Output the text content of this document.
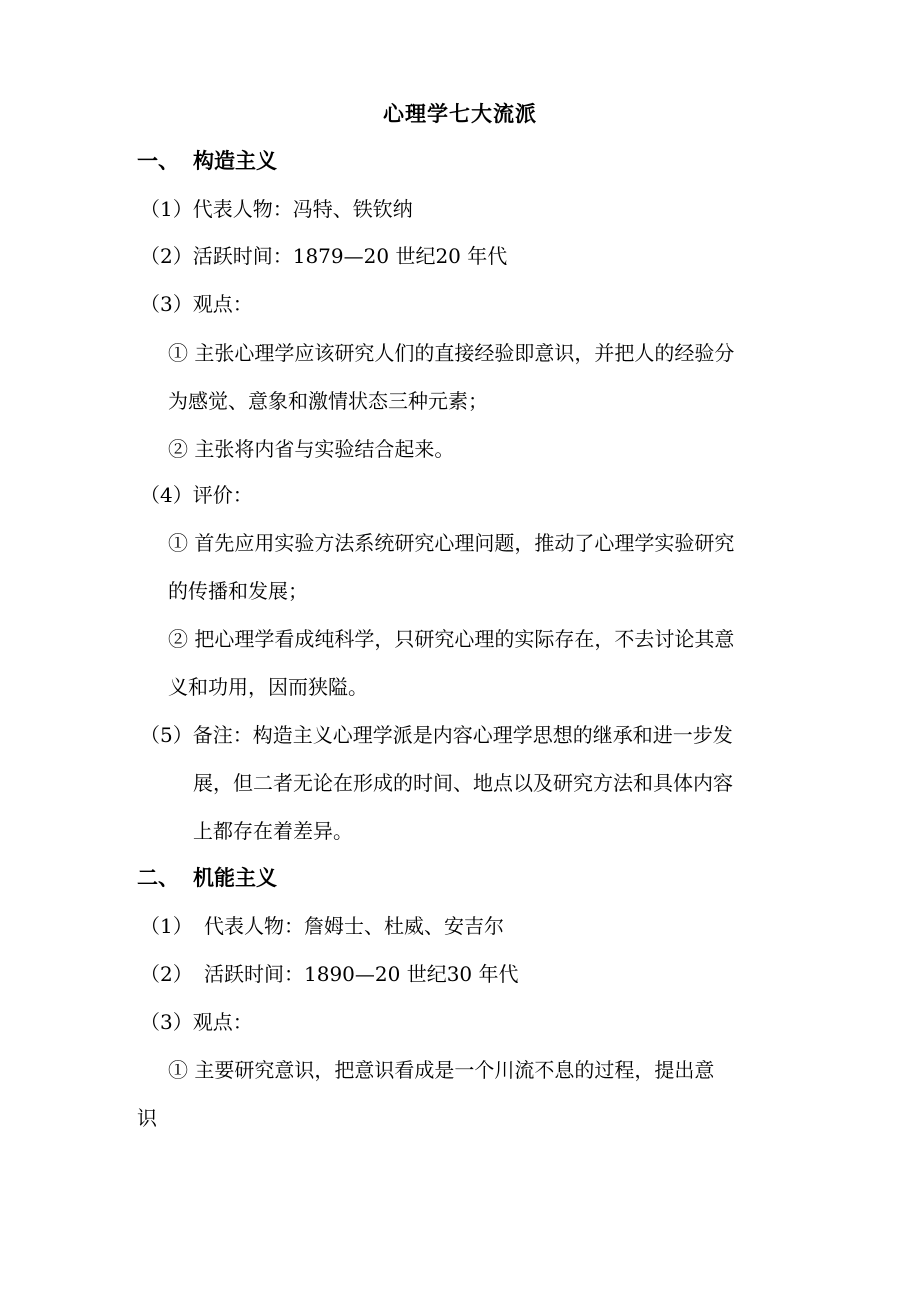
心理学七大流派
一、 构造主义
（1）代表人物：冯特、铁钦纳
（2）活跃时间：1879—20 世纪20 年代
（3）观点：
① 主张心理学应该研究人们的直接经验即意识，并把人的经验分
为感觉、意象和激情状态三种元素；
② 主张将内省与实验结合起来。
（4）评价：
① 首先应用实验方法系统研究心理问题，推动了心理学实验研究
的传播和发展；
② 把心理学看成纯科学，只研究心理的实际存在，不去讨论其意
义和功用，因而狭隘。
（5）备注：构造主义心理学派是内容心理学思想的继承和进一步发
展，但二者无论在形成的时间、地点以及研究方法和具体内容
上都存在着差异。
二、 机能主义
（1） 代表人物：詹姆士、杜威、安吉尔
（2） 活跃时间：1890—20 世纪30 年代
（3）观点：
① 主要研究意识，把意识看成是一个川流不息的过程，提出意
识
